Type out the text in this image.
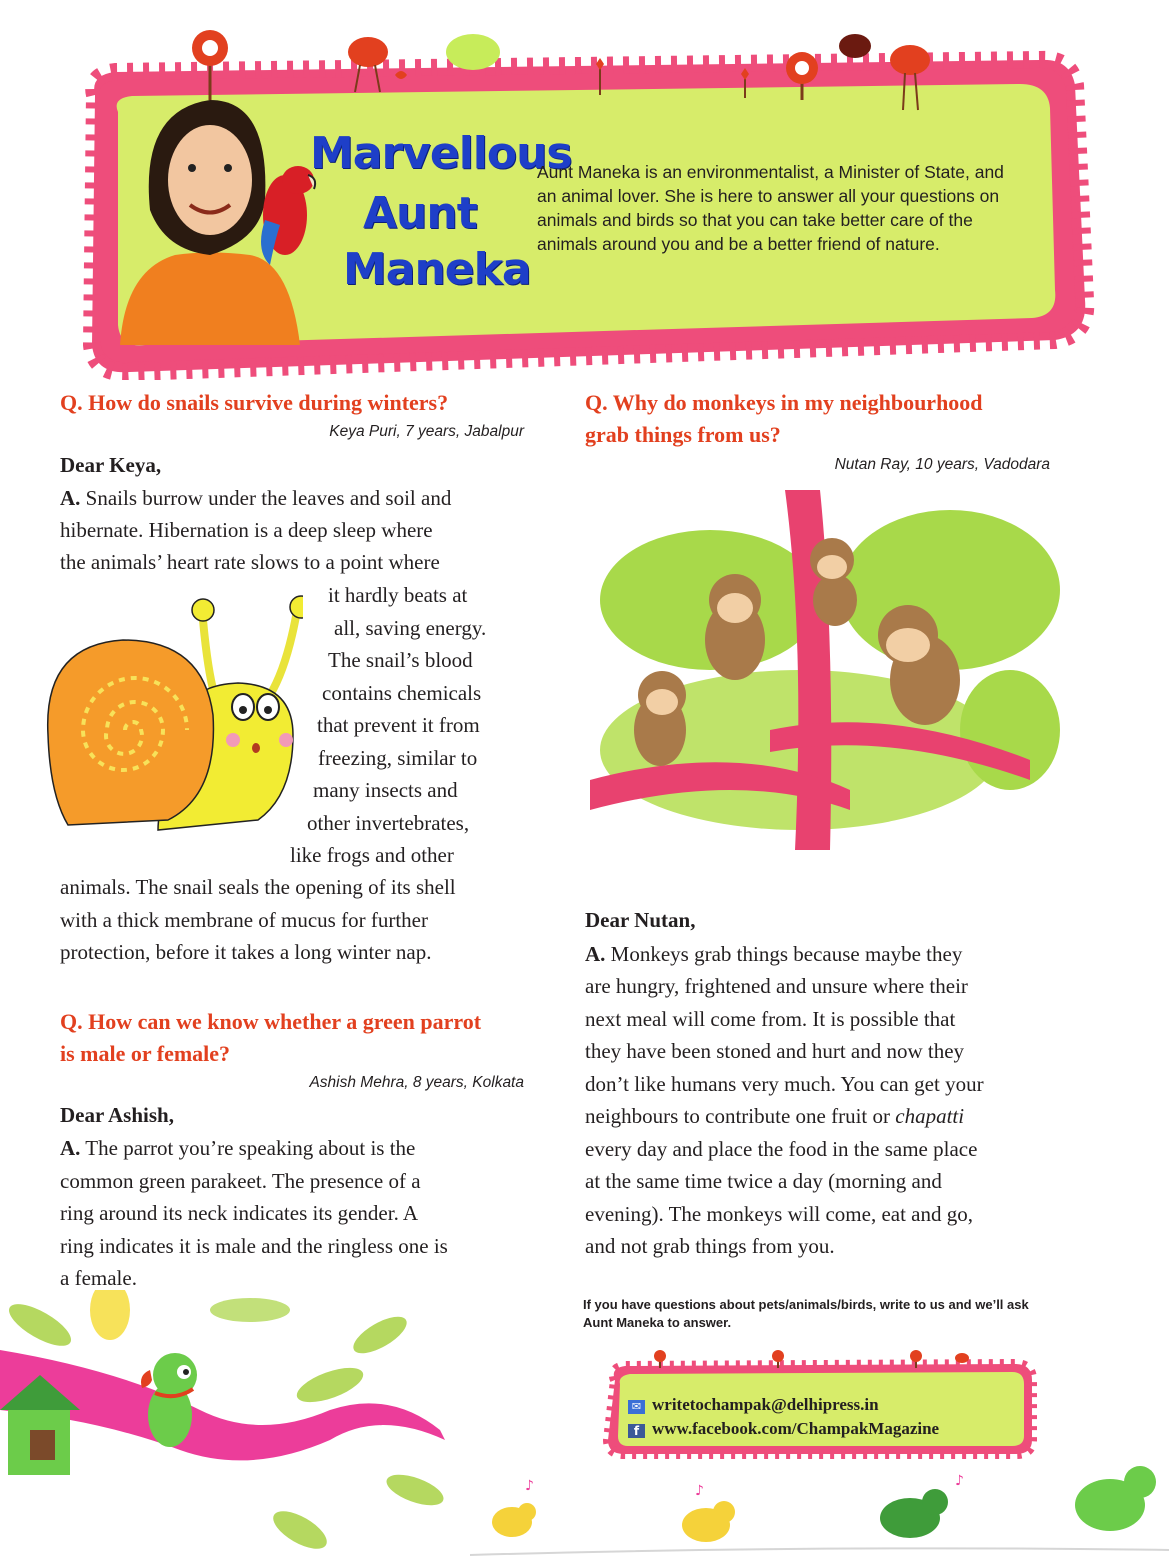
Marvellous
Aunt
Maneka
Aunt Maneka is an environmentalist, a Minister of State, and an animal lover. She is here to answer all your questions on animals and birds so that you can take better care of the animals around you and be a better friend of nature.
Q. How do snails survive during winters?
Keya Puri, 7 years, Jabalpur
Dear Keya,
A. Snails burrow under the leaves and soil and
hibernate. Hibernation is a deep sleep where
the animals’ heart rate slows to a point where
it hardly beats at
all, saving energy.
The snail’s blood
contains chemicals
that prevent it from
freezing, similar to
many insects and
other invertebrates,
like frogs and other
animals. The snail seals the opening of its shell
with a thick membrane of mucus for further
protection, before it takes a long winter nap.
Q. How can we know whether a green parrot
is male or female?
Ashish Mehra, 8 years, Kolkata
Dear Ashish,
A. The parrot you’re speaking about is the
common green parakeet. The presence of a
ring around its neck indicates its gender. A
ring indicates it is male and the ringless one is
a female.
Q. Why do monkeys in my neighbourhood
grab things from us?
Nutan Ray, 10 years, Vadodara
Dear Nutan,
A. Monkeys grab things because maybe they
are hungry, frightened and unsure where their
next meal will come from. It is possible that
they have been stoned and hurt and now they
don’t like humans very much. You can get your
neighbours to contribute one fruit or chapatti
every day and place the food in the same place
at the same time twice a day (morning and
evening). The monkeys will come, eat and go,
and not grab things from you.
If you have questions about pets/animals/birds, write to us and we’ll ask Aunt Maneka to answer.
✉ writetochampak@delhipress.in
f www.facebook.com/ChampakMagazine
♪	♪
♪
